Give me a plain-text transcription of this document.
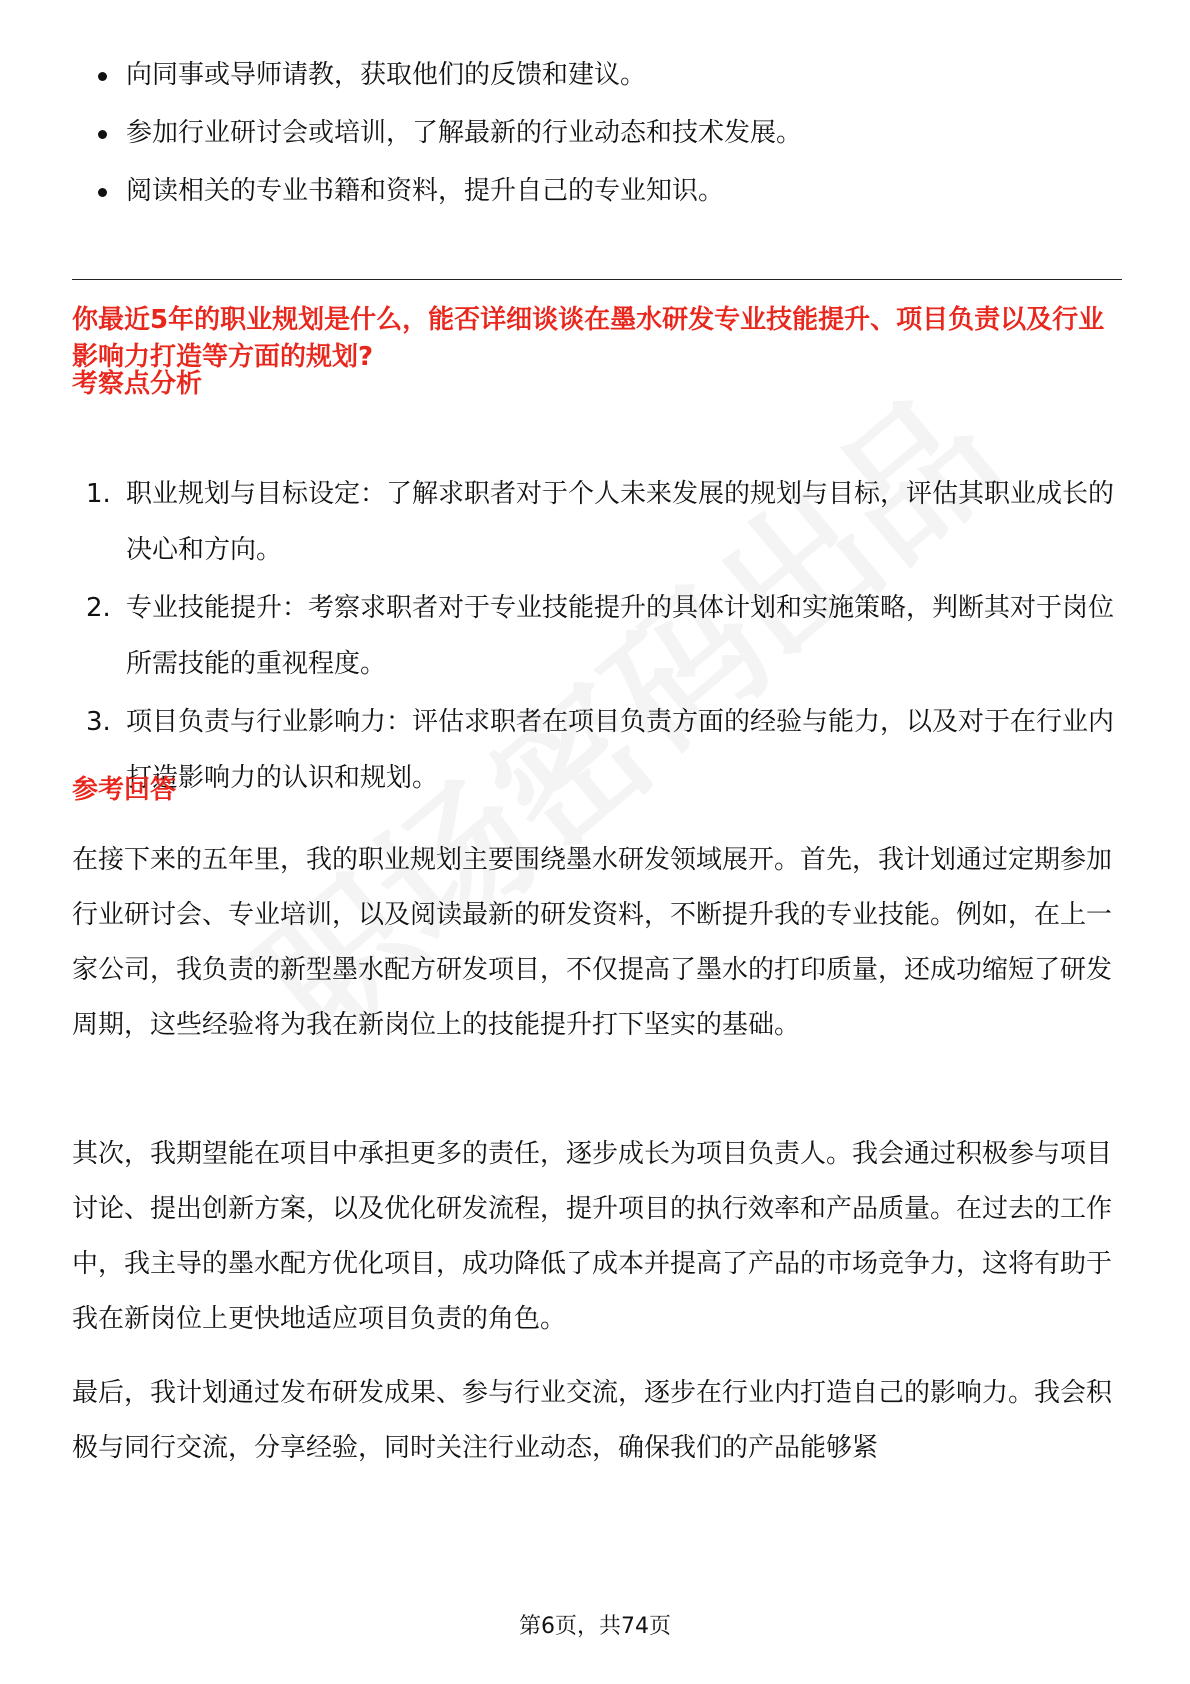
向同事或导师请教，获取他们的反馈和建议。
参加行业研讨会或培训，了解最新的行业动态和技术发展。
阅读相关的专业书籍和资料，提升自己的专业知识。
你最近5年的职业规划是什么，能否详细谈谈在墨水研发专业技能提升、项目负责以及行业影响力打造等方面的规划?
考察点分析
1. 职业规划与目标设定：了解求职者对于个人未来发展的规划与目标，评估其职业成长的决心和方向。
2. 专业技能提升：考察求职者对于专业技能提升的具体计划和实施策略，判断其对于岗位所需技能的重视程度。
3. 项目负责与行业影响力：评估求职者在项目负责方面的经验与能力，以及对于在行业内打造影响力的认识和规划。
参考回答

在接下来的五年里，我的职业规划主要围绕墨水研发领域展开。首先，我计划通过定期参加行业研讨会、专业培训，以及阅读最新的研发资料，不断提升我的专业技能。例如，在上一家公司，我负责的新型墨水配方研发项目，不仅提高了墨水的打印质量，还成功缩短了研发周期，这些经验将为我在新岗位上的技能提升打下坚实的基础。

其次，我期望能在项目中承担更多的责任，逐步成长为项目负责人。我会通过积极参与项目讨论、提出创新方案，以及优化研发流程，提升项目的执行效率和产品质量。在过去的工作中，我主导的墨水配方优化项目，成功降低了成本并提高了产品的市场竞争力，这将有助于我在新岗位上更快地适应项目负责的角色。

最后，我计划通过发布研发成果、参与行业交流，逐步在行业内打造自己的影响力。我会积极与同行交流，分享经验，同时关注行业动态，确保我们的产品能够紧

第6页，共74页
